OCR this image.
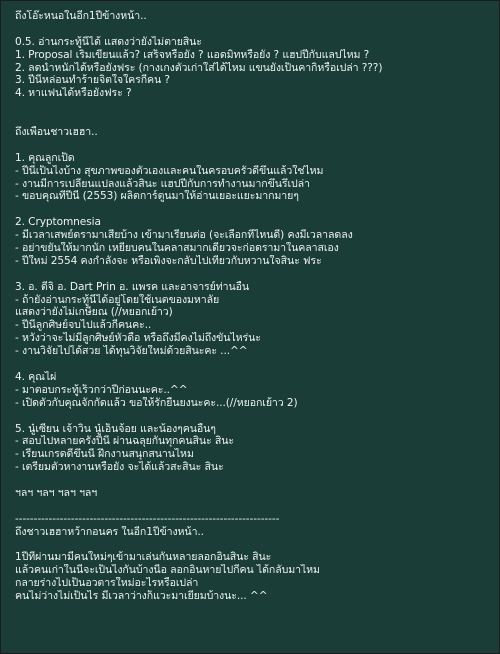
ถึงโอ๊ะหนอในอีก1ปีข้างหน้า..
0.5. อ่านกระทู้นี้ได้ แสดงว่ายังไม่ตายสินะ
1. Proposal เริ่มเขียนแล้ว? เสร็จหรือยัง ? แอดมิทหรือยัง ? แฮปปี้กับแลปไหม ?
2. ลดน้ำหนักได้หรือยังฟระ (กางเกงตัวเก่าใส่ได้ไหม แขนยังเป็นคากิหรือเปล่า ???)
3. ปีนี้หล่อนทำร้ายจิตใจใครกี่คน ?
4. หาแฟนได้หรือยังฟระ ?
ถึงเพื่อนชาวเฮฮา..
1. คุณลูกเป็ด
- ปีนี้เป็นไงบ้าง สุขภาพของตัวเองและคนในครอบครัวดีขึ้นแล้วใช่ไหม
- งานมีการเปลี่ยนแปลงแล้วสินะ แฮปปี้กับการทำงานมากขึ้นรึเปล่า
- ขอบคุณที่ปีนี้ (2553) ผลิตการ์ตูนมาให้อ่านเยอะแยะมากมายๆ
2. Cryptomnesia
- มีเวลาเสพย์ดรามาเสียบ้าง เข้ามาเรียนต่อ (จะเลือกที่ไหนดี) คงมีเวลาลดลง
- อย่าขยันให้มากนัก เหยียบคนในคลาสมากเดี๋ยวจะก่อดรามาในคลาสเอง
- ปีใหม่ 2554 คงกำลังจะ หรือเพิ่งจะกลับไปเที่ยวกับหวานใจสินะ ฟระ
3. อ. ดีจิ อ. Dart Prin อ. แพรค และอาจารย์ท่านอื่น
- ถ้ายังอ่านกระทู้นี้ได้อยู่โดยใช้เนตของมหาลัย
แสดงว่ายังไม่เกษียณ (//หยอกเย้าว)
- ปีนี้ลูกศิษย์จบไปแล้วกี่คนคะ..
- หวังว่าจะไม่มีลูกศิษย์หัวดื้อ หรือถึงมีคงไม่ถึงขั้นไหร่นะ
- งานวิจัยไปได้สวย ได้ทุนวิจัยใหม่ด้วยสินะคะ ...^^
4. คุณไผ่
- มาตอบกระทู้เร็วกว่าปีก่อนนะคะ..^^
- เปิดตัวกับคุณจักกัดแล้ว ขอให้รักยืนยงนะคะ...(//หยอกเย้าว 2)
5. นู๋เซียน เจ้าวิน นู๋เอ็นจ้อย และน้องๆคนอื่นๆ
- สอบไปหลายครั้งปีนี้ ผ่านฉลุยกันทุกคนสินะ สินะ
- เรียนเกรดดีขึ้นนี่ ฝึกงานสนุกสนานไหม
- เตรียมตัวหางานหรือยัง จะได้แล้วสะสินะ สินะ
ฯลฯ ฯลฯ ฯลฯ ฯลฯ
-----------------------------------------------------------------------
ถึงชาวเฮฮาหว้ากอนคร ในอีก1ปีข้างหน้า..
1ปีที่ผ่านมามีคนใหม่ๆเข้ามาเล่นกันหลายลอกอินสินะ สินะ
แล้วคนเก่าในนี้จะเป็นไงกันบ้างนี่อ ลอกอินหายไปกี่คน ได้กลับมาไหม
กลายร่างไปเป็นอวตารใหม่อะไรหรือเปล่า
คนไม่ว่างไม่เป็นไร มีเวลาว่างก็แวะมาเยี่ยมบ้างนะ... ^^
